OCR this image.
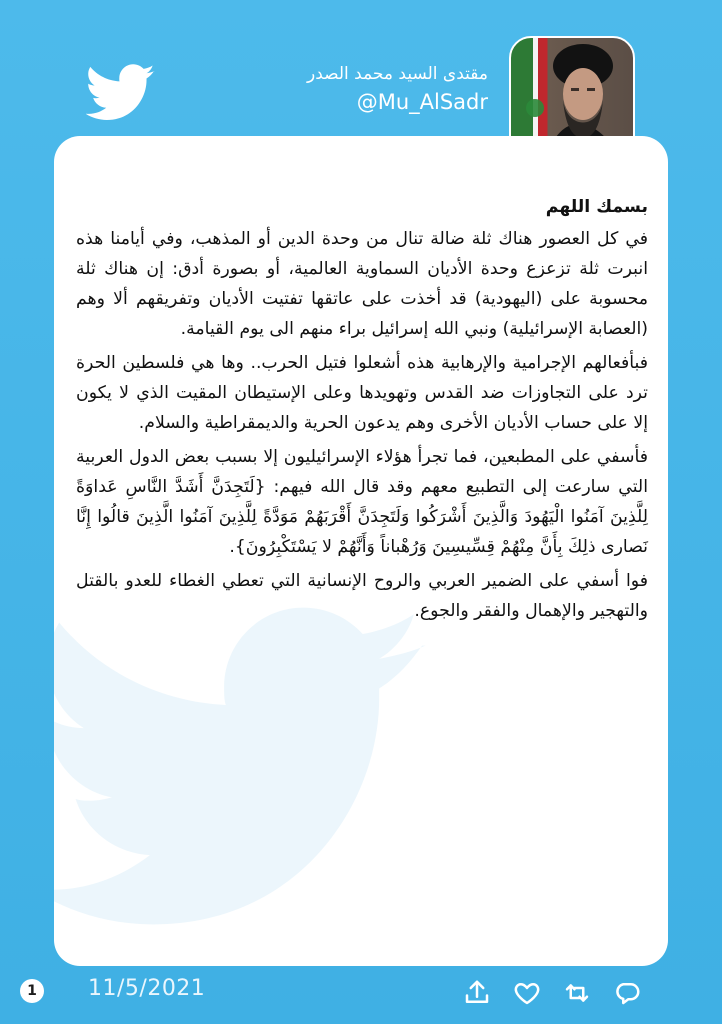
مقتدى السيد محمد الصدر
@Mu_AlSadr

بسمك اللهم

في كل العصور هناك ثلة ضالة تنال من وحدة الدين أو المذهب، وفي أيامنا هذه انبرت ثلة تزعزع وحدة الأديان السماوية العالمية، أو بصورة أدق: إن هناك ثلة محسوبة على (اليهودية) قد أخذت على عاتقها تفتيت الأديان وتفريقهم ألا وهم (العصابة الإسرائيلية) ونبي الله إسرائيل براء منهم الى يوم القيامة.

فبأفعالهم الإجرامية والإرهابية هذه أشعلوا فتيل الحرب.. وها هي فلسطين الحرة ترد على التجاوزات ضد القدس وتهويدها وعلى الإستيطان المقيت الذي لا يكون إلا على حساب الأديان الأخرى وهم يدعون الحرية والديمقراطية والسلام.

فأسفي على المطبعين، فما تجرأ هؤلاء الإسرائيليون إلا بسبب بعض الدول العربية التي سارعت إلى التطبيع معهم وقد قال الله فيهم: {لَتَجِدَنَّ أَشَدَّ النَّاسِ عَداوَةً لِلَّذِينَ آمَنُوا الْيَهُودَ وَالَّذِينَ أَشْرَكُوا وَلَتَجِدَنَّ أَقْرَبَهُمْ مَوَدَّةً لِلَّذِينَ آمَنُوا الَّذِينَ قالُوا إِنَّا نَصارى ذلِكَ بِأَنَّ مِنْهُمْ قِسِّيسِينَ وَرُهْباناً وَأَنَّهُمْ لا يَسْتَكْبِرُونَ}.

فوا أسفي على الضمير العربي والروح الإنسانية التي تعطي الغطاء للعدو بالقتل والتهجير والإهمال والفقر والجوع.

1	11/5/2021
